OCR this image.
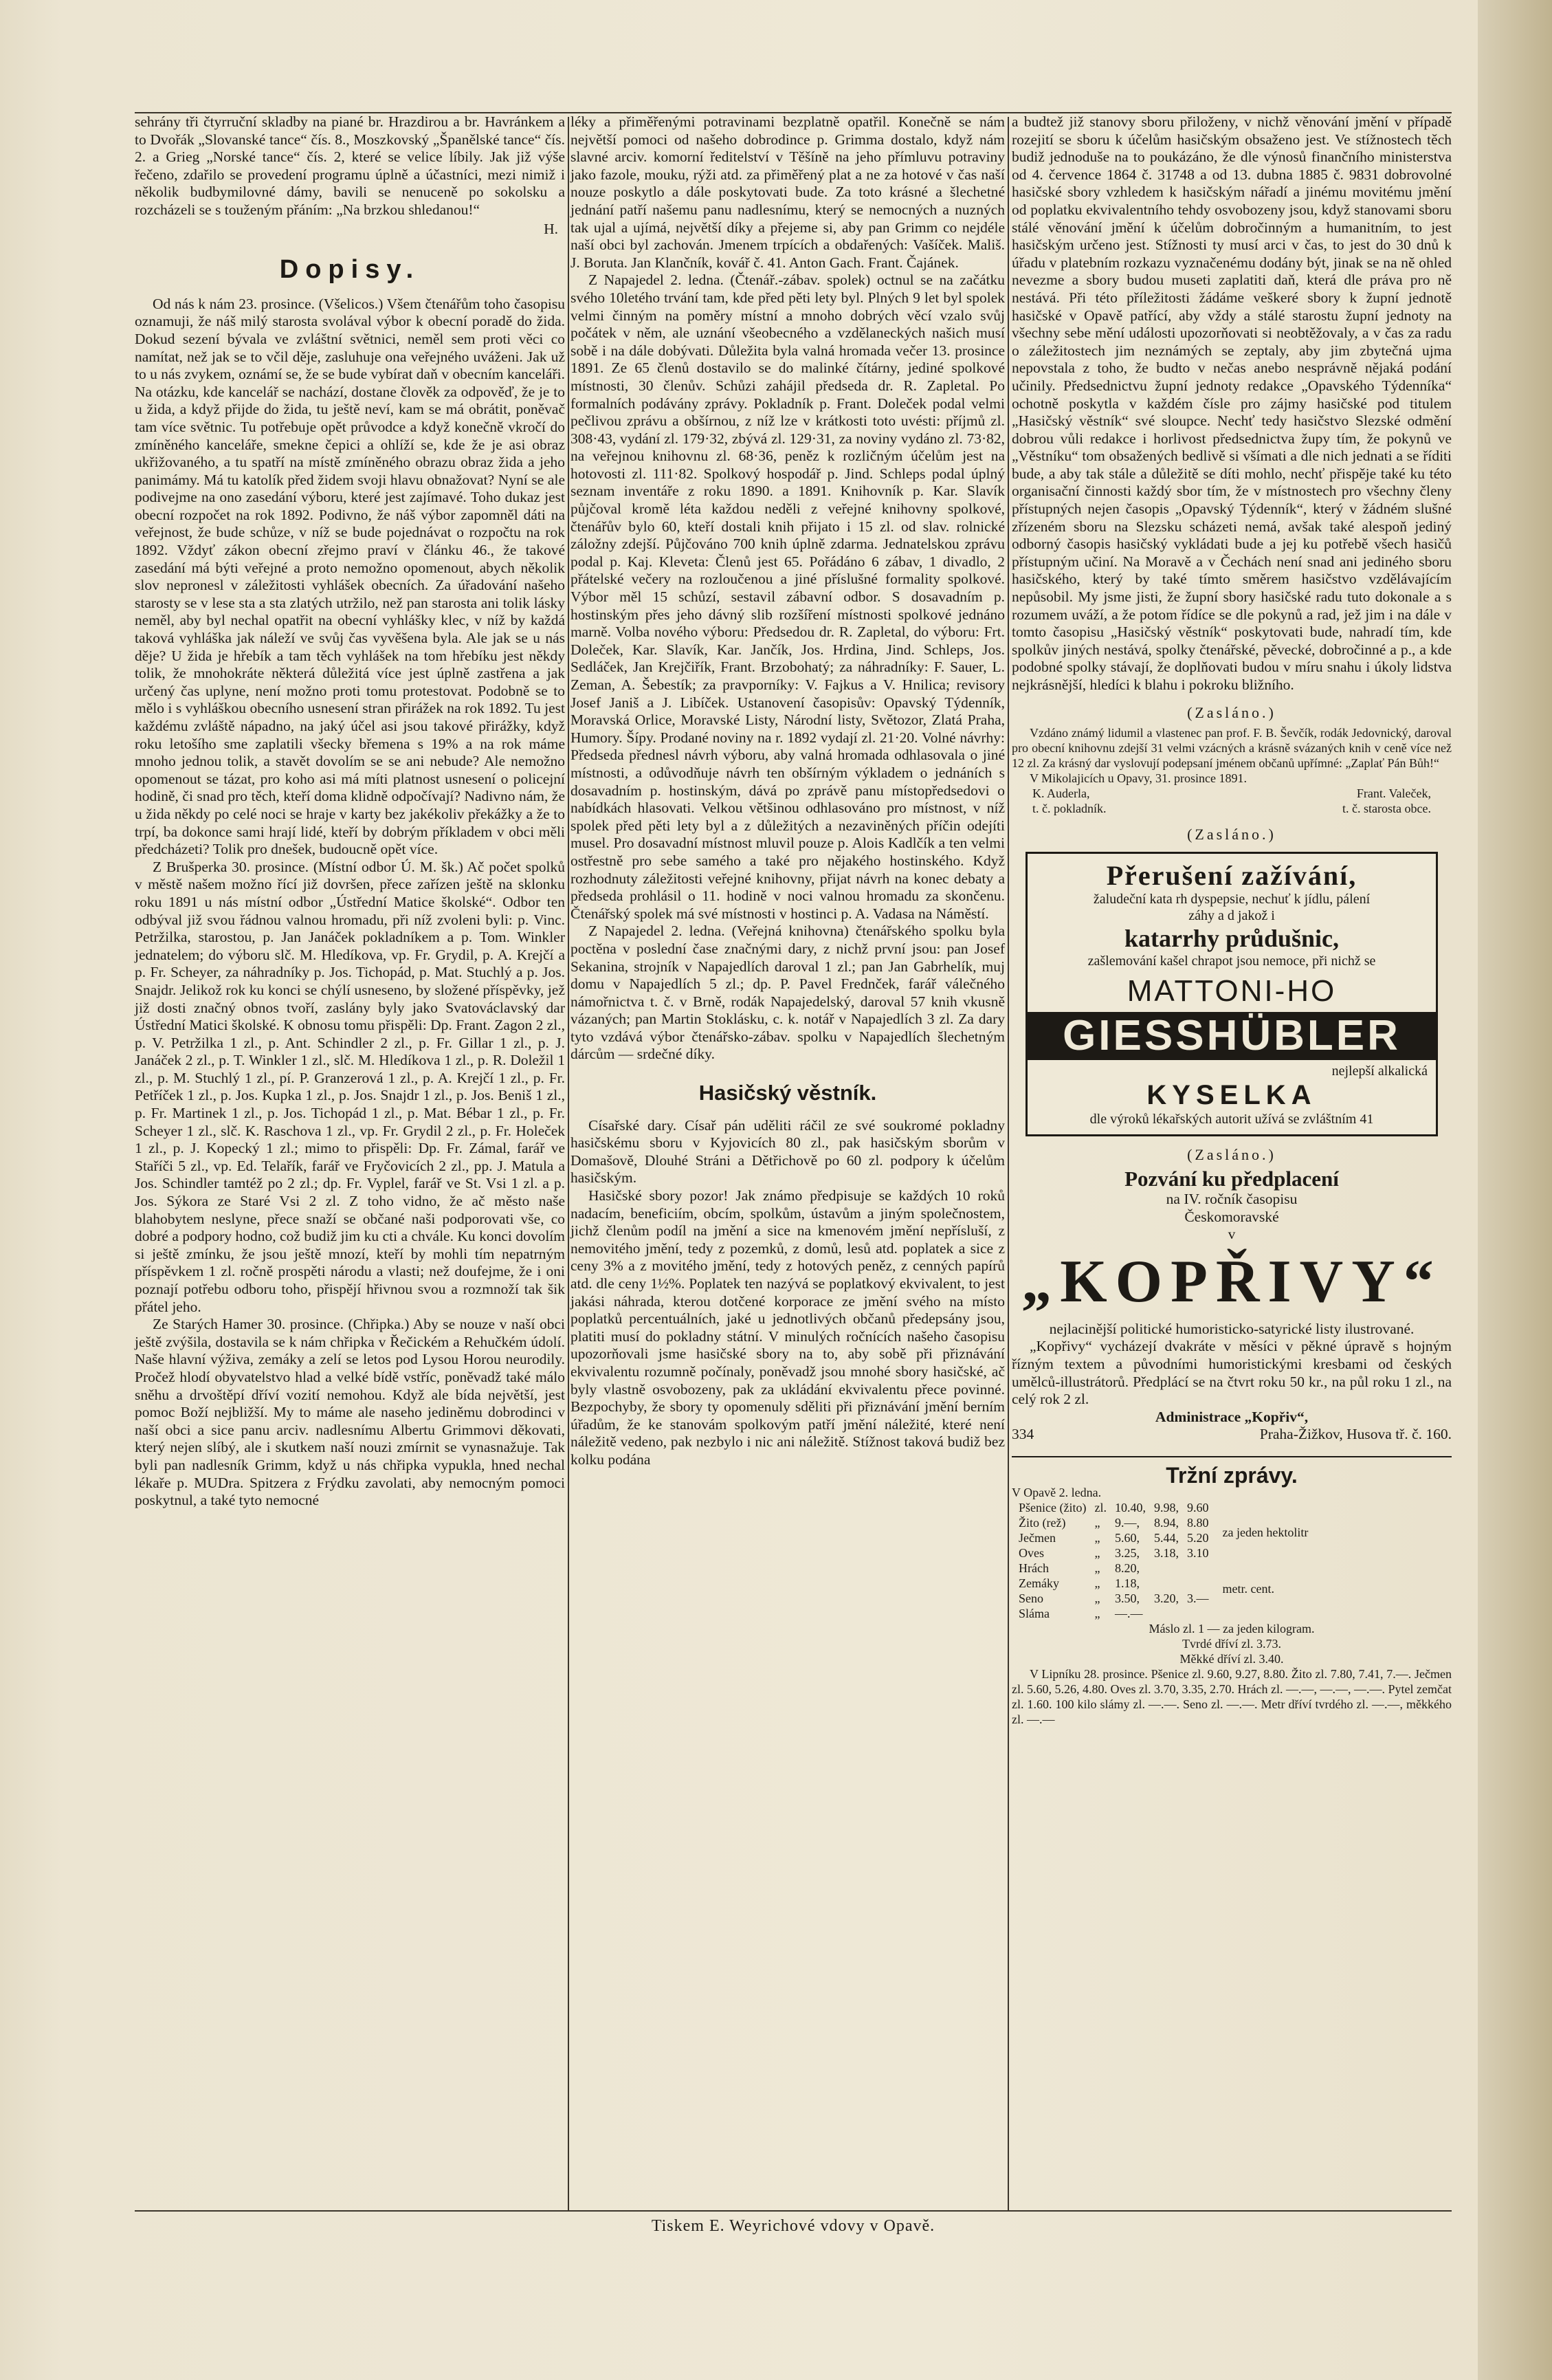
sehrány tři čtyrruční skladby na piané br. Hrazdirou a br. Havránkem a to Dvořák „Slovanské tance“ čís. 8., Moszkovský „Španělské tance“ čís. 2. a Grieg „Norské tance“ čís. 2, které se velice líbily. Jak již výše řečeno, zdařilo se provedení programu úplně a účastníci, mezi nimiž i několik budbymilovné dámy, bavili se nenuceně po sokolsku a rozcházeli se s touženým přáním: „Na brzkou shledanou!“

H.
Dopisy.

Od nás k nám 23. prosince. (Všelicos.) Všem čtenářům toho časopisu oznamuji, že náš milý starosta svolával výbor k obecní poradě do žida. Dokud sezení bývala ve zvláštní světnici, neměl sem proti věci co namítat, než jak se to včil děje, zasluhuje ona veřejného uváženi. Jak už to u nás zvykem, oznámí se, že se bude vybírat daň v obecním kanceláři. Na otázku, kde kancelář se nachází, dostane člověk za odpověď, že je to u žida, a když přijde do žida, tu ještě neví, kam se má obrátit, poněvač tam více světnic. Tu potřebuje opět průvodce a když konečně vkročí do zmíněného kanceláře, smekne čepici a ohlíží se, kde že je asi obraz ukřižovaného, a tu spatří na místě zmíněného obrazu obraz žida a jeho panimámy. Má tu katolík před židem svoji hlavu obnažovat? Nyní se ale podivejme na ono zasedání výboru, které jest zajímavé. Toho dukaz jest obecní rozpočet na rok 1892. Podivno, že náš výbor zapomněl dáti na veřejnost, že bude schůze, v níž se bude pojednávat o rozpočtu na rok 1892. Vždyť zákon obecní zřejmo praví v článku 46., že takové zasedání má býti veřejné a proto nemožno opomenout, abych několik slov nepronesl v záležitosti vyhlášek obecních. Za úřadování našeho starosty se v lese sta a sta zlatých utržilo, než pan starosta ani tolik lásky neměl, aby byl nechal opatřit na obecní vyhlášky klec, v níž by každá taková vyhláška jak náleží ve svůj čas vyvěšena byla. Ale jak se u nás děje? U žida je hřebík a tam těch vyhlášek na tom hřebíku jest někdy tolik, že mnohokráte některá důležitá více jest úplně zastřena a jak určený čas uplyne, není možno proti tomu protestovat. Podobně se to mělo i s vyhláškou obecního usnesení stran přirážek na rok 1892. Tu jest každému zvláště nápadno, na jaký účel asi jsou takové přirážky, když roku letošího sme zaplatili všecky břemena s 19% a na rok máme mnoho jednou tolik, a stavět dovolím se se ani nebude? Ale nemožno opomenout se tázat, pro koho asi má míti platnost usnesení o policejní hodině, či snad pro těch, kteří doma klidně odpočívají? Nadivno nám, že u žida někdy po celé noci se hraje v karty bez jakékoliv překážky a že to trpí, ba dokonce sami hrají lidé, kteří by dobrým příkladem v obci měli předcházeti? Tolik pro dnešek, budoucně opět více.

Z Brušperka 30. prosince. (Místní odbor Ú. M. šk.) Ač počet spolků v městě našem možno řící již dovršen, přece zařízen ještě na sklonku roku 1891 u nás místní odbor „Ústřední Matice školské“. Odbor ten odbýval již svou řádnou valnou hromadu, při níž zvoleni byli: p. Vinc. Petržilka, starostou, p. Jan Janáček pokladníkem a p. Tom. Winkler jednatelem; do výboru slč. M. Hledíkova, vp. Fr. Grydil, p. A. Krejčí a p. Fr. Scheyer, za náhradníky p. Jos. Tichopád, p. Mat. Stuchlý a p. Jos. Snajdr. Jelikož rok ku konci se chýlí usneseno, by složené příspěvky, jež již dosti značný obnos tvoří, zaslány byly jako Svatováclavský dar Ústřední Matici školské. K obnosu tomu přispěli: Dp. Frant. Zagon 2 zl., p. V. Petržilka 1 zl., p. Ant. Schindler 2 zl., p. Fr. Gillar 1 zl., p. J. Janáček 2 zl., p. T. Winkler 1 zl., slč. M. Hledíkova 1 zl., p. R. Doležil 1 zl., p. M. Stuchlý 1 zl., pí. P. Granzerová 1 zl., p. A. Krejčí 1 zl., p. Fr. Petříček 1 zl., p. Jos. Kupka 1 zl., p. Jos. Snajdr 1 zl., p. Jos. Beniš 1 zl., p. Fr. Martinek 1 zl., p. Jos. Tichopád 1 zl., p. Mat. Bébar 1 zl., p. Fr. Scheyer 1 zl., slč. K. Raschova 1 zl., vp. Fr. Grydil 2 zl., p. Fr. Holeček 1 zl., p. J. Kopecký 1 zl.; mimo to přispěli: Dp. Fr. Zámal, farář ve Staříči 5 zl., vp. Ed. Telařík, farář ve Fryčovicích 2 zl., pp. J. Matula a Jos. Schindler tamtéž po 2 zl.; dp. Fr. Vyplel, farář ve St. Vsi 1 zl. a p. Jos. Sýkora ze Staré Vsi 2 zl. Z toho vidno, že ač město naše blahobytem neslyne, přece snaží se občané naši podporovati vše, co dobré a podpory hodno, což budiž jim ku cti a chvále. Ku konci dovolím si ještě zmínku, že jsou ještě mnozí, kteří by mohli tím nepatrným příspěvkem 1 zl. ročně prospěti národu a vlasti; než doufejme, že i oni poznají potřebu odboru toho, přispějí hřivnou svou a rozmnoží tak šik přátel jeho.

Ze Starých Hamer 30. prosince. (Chřipka.) Aby se nouze v naší obci ještě zvýšila, dostavila se k nám chřipka v Řečickém a Rehučkém údolí. Naše hlavní výživa, zemáky a zelí se letos pod Lysou Horou neurodily. Pročež hlodí obyvatelstvo hlad a velké bídě vstříc, poněvadž také málo sněhu a drvoštěpí dříví vozití nemohou. Když ale bída největší, jest pomoc Boží nejbližší. My to máme ale naseho jediněmu dobrodinci v naší obci a sice panu arciv. nadlesnímu Albertu Grimmovi děkovati, který nejen slíbý, ale i skutkem naší nouzi zmírnit se vynasnažuje. Tak byli pan nadlesník Grimm, když u nás chřipka vypukla, hned nechal lékaře p. MUDra. Spitzera z Frýdku zavolati, aby nemocným pomoci poskytnul, a také tyto nemocné

léky a přiměřenými potravinami bezplatně opatřil. Konečně se nám největší pomoci od našeho dobrodince p. Grimma dostalo, když nám slavné arciv. komorní ředitelství v Těšíně na jeho přímluvu potraviny jako fazole, mouku, rýži atd. za přiměřený plat a ne za hotové v čas naší nouze poskytlo a dále poskytovati bude. Za toto krásné a šlechetné jednání patří našemu panu nadlesnímu, který se nemocných a nuzných tak ujal a ujímá, největší díky a přejeme si, aby pan Grimm co nejdéle naší obci byl zachován. Jmenem trpících a obdařených: Vašíček. Mališ. J. Boruta. Jan Klančník, kovář č. 41. Anton Gach. Frant. Čajánek.

Z Napajedel 2. ledna. (Čtenář.-zábav. spolek) octnul se na začátku svého 10letého trvání tam, kde před pěti lety byl. Plných 9 let byl spolek velmi činným na poměry místní a mnoho dobrých věcí vzalo svůj počátek v něm, ale uznání všeobecného a vzdělaneckých našich musí sobě i na dále dobývati. Důležita byla valná hromada večer 13. prosince 1891. Ze 65 členů dostavilo se do malinké čítárny, jediné spolkové místnosti, 30 členův. Schůzi zahájil předseda dr. R. Zapletal. Po formalních podávány zprávy. Pokladník p. Frant. Doleček podal velmi pečlivou zprávu a obšírnou, z níž lze v krátkosti toto uvésti: příjmů zl. 308·43, vydání zl. 179·32, zbývá zl. 129·31, za noviny vydáno zl. 73·82, na veřejnou knihovnu zl. 68·36, peněz k rozličným účelům jest na hotovosti zl. 111·82. Spolkový hospodář p. Jind. Schleps podal úplný seznam inventáře z roku 1890. a 1891. Knihovník p. Kar. Slavík půjčoval kromě léta každou neděli z veřejné knihovny spolkové, čtenářův bylo 60, kteří dostali knih přijato i 15 zl. od slav. rolnické záložny zdejší. Půjčováno 700 knih úplně zdarma. Jednatelskou zprávu podal p. Kaj. Kleveta: Členů jest 65. Pořádáno 6 zábav, 1 divadlo, 2 přátelské večery na rozloučenou a jiné příslušné formality spolkové. Výbor měl 15 schůzí, sestavil zábavní odbor. S dosavadním p. hostinským přes jeho dávný slib rozšíření místnosti spolkové jednáno marně. Volba nového výboru: Předsedou dr. R. Zapletal, do výboru: Frt. Doleček, Kar. Slavík, Kar. Jančík, Jos. Hrdina, Jind. Schleps, Jos. Sedláček, Jan Krejčiřík, Frant. Brzobohatý; za náhradníky: F. Sauer, L. Zeman, A. Šebestík; za pravporníky: V. Fajkus a V. Hnilica; revisory Josef Janiš a J. Libíček. Ustanovení časopisův: Opavský Týdenník, Moravská Orlice, Moravské Listy, Národní listy, Světozor, Zlatá Praha, Humory. Šípy. Prodané noviny na r. 1892 vydají zl. 21·20. Volné návrhy: Předseda přednesl návrh výboru, aby valná hromada odhlasovala o jiné místnosti, a odůvodňuje návrh ten obšírným výkladem o jednáních s dosavadním p. hostinským, dává po zprávě panu místopředsedovi o nabídkách hlasovati. Velkou většinou odhlasováno pro místnost, v níž spolek před pěti lety byl a z důležitých a nezaviněných příčin odejíti musel. Pro dosavadní místnost mluvil pouze p. Alois Kadlčík a ten velmi ostřestně pro sebe samého a také pro nějakého hostinského. Když rozhodnuty záležitosti veřejné knihovny, přijat návrh na konec debaty a předseda prohlásil o 11. hodině v noci valnou hromadu za skončenu. Čtenářský spolek má své místnosti v hostinci p. A. Vadasa na Náměstí.

Z Napajedel 2. ledna. (Veřejná knihovna) čtenářského spolku byla poctěna v poslední čase značnými dary, z nichž první jsou: pan Josef Sekanina, strojník v Napajedlích daroval 1 zl.; pan Jan Gabrhelík, muj domu v Napajedlích 5 zl.; dp. P. Pavel Frednček, farář válečného námořnictva t. č. v Brně, rodák Napajedelský, daroval 57 knih vkusně vázaných; pan Martin Stoklásku, c. k. notář v Napajedlích 3 zl. Za dary tyto vzdává výbor čtenářsko-zábav. spolku v Napajedlích šlechetným dárcům — srdečné díky.

Hasičský věstník.

Císařské dary. Císař pán uděliti ráčil ze své soukromé pokladny hasičskému sboru v Kyjovicích 80 zl., pak hasičským sborům v Domašově, Dlouhé Stráni a Dětřichově po 60 zl. podpory k účelům hasičským.

Hasičské sbory pozor! Jak známo předpisuje se každých 10 roků nadacím, beneficiím, obcím, spolkům, ústavům a jiným společnostem, jichž členům podíl na jmění a sice na kmenovém jmění nepřísluší, z nemovitého jmění, tedy z pozemků, z domů, lesů atd. poplatek a sice z ceny 3% a z movitého jmění, tedy z hotových peněz, z cenných papírů atd. dle ceny 1½%. Poplatek ten nazývá se poplatkový ekvivalent, to jest jakási náhrada, kterou dotčené korporace ze jmění svého na místo poplatků percentuálních, jaké u jednotlivých občanů předepsány jsou, platiti musí do pokladny státní. V minulých ročnících našeho časopisu upozorňovali jsme hasičské sbory na to, aby sobě při přiznávání ekvivalentu rozumně počínaly, poněvadž jsou mnohé sbory hasičské, ač byly vlastně osvobozeny, pak za ukládání ekvivalentu přece povinné. Bezpochyby, že sbory ty opomenuly sděliti při přiznávání jmění berním úřadům, že ke stanovám spolkovým patří jmění náležité, které není náležitě vedeno, pak nezbylo i nic ani náležitě. Stížnost taková budiž bez kolku podána

a budtež již stanovy sboru přiloženy, v nichž věnování jmění v případě rozejití se sboru k účelům hasičským obsaženo jest. Ve stížnostech těch budiž jednoduše na to poukázáno, že dle výnosů finančního ministerstva od 4. července 1864 č. 31748 a od 13. dubna 1885 č. 9831 dobrovolné hasičské sbory vzhledem k hasičským nářadí a jinému movitému jmění od poplatku ekvivalentního tehdy osvobozeny jsou, když stanovami sboru stálé věnování jmění k účelům dobročinným a humanitním, to jest hasičským určeno jest. Stížnosti ty musí arci v čas, to jest do 30 dnů k úřadu v platebním rozkazu vyznačenému dodány být, jinak se na ně ohled nevezme a sbory budou museti zaplatiti daň, která dle práva pro ně nestává. Při této příležitosti žádáme veškeré sbory k župní jednotě hasičské v Opavě patřící, aby vždy a stálé starostu župní jednoty na všechny sebe mění události upozorňovati si neobtěžovaly, a v čas za radu o záležitostech jim neznámých se zeptaly, aby jim zbytečná ujma nepovstala z toho, že budto v nečas anebo nesprávně nějaká podání učinily. Předsednictvu župní jednoty redakce „Opavského Týdenníka“ ochotně poskytla v každém čísle pro zájmy hasičské pod titulem „Hasičský věstník“ své sloupce. Nechť tedy hasičstvo Slezské odmění dobrou vůli redakce i horlivost předsednictva župy tím, že pokynů ve „Věstníku“ tom obsažených bedlivě si všímati a dle nich jednati a se říditi bude, a aby tak stále a důležitě se díti mohlo, nechť přispěje také ku této organisační činnosti každý sbor tím, že v místnostech pro všechny členy přístupných nejen časopis „Opavský Týdenník“, který v žádném slušné zřízeném sboru na Slezsku scházeti nemá, avšak také alespoň jediný odborný časopis hasičský vykládati bude a jej ku potřebě všech hasičů přístupným učiní. Na Moravě a v Čechách není snad ani jediného sboru hasičského, který by také tímto směrem hasičstvo vzdělávajícím nepůsobil. My jsme jisti, že župní sbory hasičské radu tuto dokonale a s rozumem uváží, a že potom řídíce se dle pokynů a rad, jež jim i na dále v tomto časopisu „Hasičský věstník“ poskytovati bude, nahradí tím, kde spolkův jiných nestává, spolky čtenářské, pěvecké, dobročinné a p., a kde podobné spolky stávají, že doplňovati budou v míru snahu i úkoly lidstva nejkrásnější, hledíci k blahu i pokroku bližního.

(Zasláno.)

Vzdáno známý lidumil a vlastenec pan prof. F. B. Ševčík, rodák Jedovnický, daroval pro obecní knihovnu zdejší 31 velmi vzácných a krásně svázaných knih v ceně více než 12 zl. Za krásný dar vyslovují podepsaní jménem občanů upřímné: „Zaplať Pán Bůh!“

V Mikolajicích u Opavy, 31. prosince 1891.

K. Auderla,	Frant. Valeček,
t. č. pokladník.	t. č. starosta obce.
(Zasláno.)
Přerušení zažívání,
žaludeční kata rh dyspepsie, nechuť k jídlu, pálení
záhy a d jakož i
katarrhy průdušnic,
zašlemování kašel chrapot jsou nemoce, při nichž se
MATTONI-HO
GIESSHÜBLER
nejlepší alkalická
KYSELKA
dle výroků lékařských autorit užívá se zvláštním 41
(Zasláno.)
Pozvání ku předplacení
na IV. ročník časopisu
Českomoravské
v
„KOPŘIVY“
nejlacinější politické humoristicko-satyrické listy ilustrované.

„Kopřivy“ vycházejí dvakráte v měsíci v pěkné úpravě s hojným řízným textem a původními humoristickými kresbami od českých umělců-illustrátorů. Předplácí se na čtvrt roku 50 kr., na půl roku 1 zl., na celý rok 2 zl.

Administrace „Kopřiv“,
334	Praha-Žižkov, Husova tř. č. 160.
Tržní zprávy.
V Opavě 2. ledna.
Pšenice (žito)	zl.	10.40,	9.98,	9.60
Žito (rež)	„	9.—,	8.94,	8.80
Ječmen	„	5.60,	5.44,	5.20
Oves	„	3.25,	3.18,	3.10
Hrách	„	8.20,		
Zemáky	„	1.18,		
Seno	„	3.50,	3.20,	3.—
Sláma	„	—.—		
za jeden hektolitr
metr. cent.
Máslo zl. 1 — za jeden kilogram.
Tvrdé dříví zl. 3.73.
Měkké dříví zl. 3.40.

V Lipníku 28. prosince. Pšenice zl. 9.60, 9.27, 8.80. Žito zl. 7.80, 7.41, 7.—. Ječmen zl. 5.60, 5.26, 4.80. Oves zl. 3.70, 3.35, 2.70. Hrách zl. —.—, —.—, —.—. Pytel zemčat zl. 1.60. 100 kilo slámy zl. —.—. Seno zl. —.—. Metr dříví tvrdého zl. —.—, měkkého zl. —.—

Tiskem E. Weyrichové vdovy v Opavě.
